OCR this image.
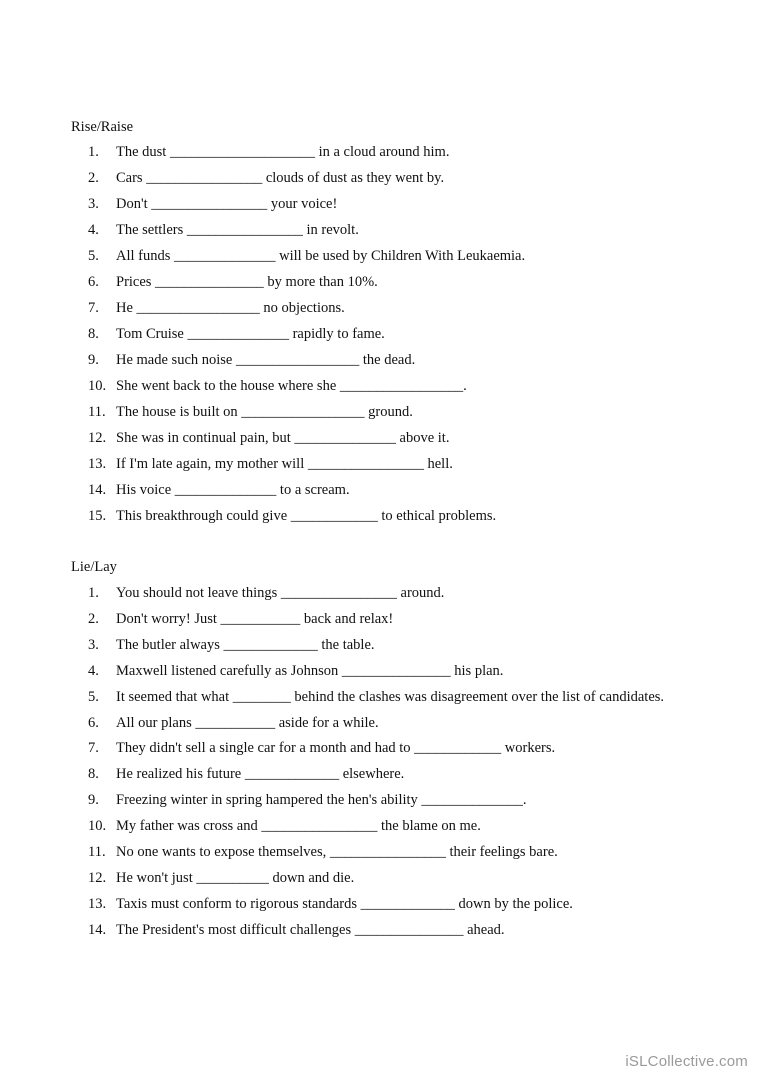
Rise/Raise
1. The dust ____________________ in a cloud around him.
2. Cars ________________ clouds of dust as they went by.
3. Don't ________________ your voice!
4. The settlers ________________ in revolt.
5. All funds ______________ will be used by Children With Leukaemia.
6. Prices _______________ by more than 10%.
7. He _________________ no objections.
8. Tom Cruise ______________ rapidly to fame.
9. He made such noise _________________ the dead.
10. She went back to the house where she _________________.
11. The house is built on _________________ ground.
12. She was in continual pain, but ______________ above it.
13. If I'm late again, my mother will ________________ hell.
14. His voice ______________ to a scream.
15. This breakthrough could give ____________ to ethical problems.
Lie/Lay
1. You should not leave things ________________ around.
2. Don't worry! Just ___________ back and relax!
3. The butler always _____________ the table.
4. Maxwell listened carefully as Johnson _______________ his plan.
5. It seemed that what ________ behind the clashes was disagreement over the list of candidates.
6. All our plans ___________ aside for a while.
7. They didn't sell a single car for a month and had to ____________ workers.
8. He realized his future _____________ elsewhere.
9. Freezing winter in spring hampered the hen's ability ______________.
10. My father was cross and ________________ the blame on me.
11. No one wants to expose themselves, ________________ their feelings bare.
12. He won't just __________ down and die.
13. Taxis must conform to rigorous standards _____________ down by the police.
14. The President's most difficult challenges _______________ ahead.
iSLCollective.com
